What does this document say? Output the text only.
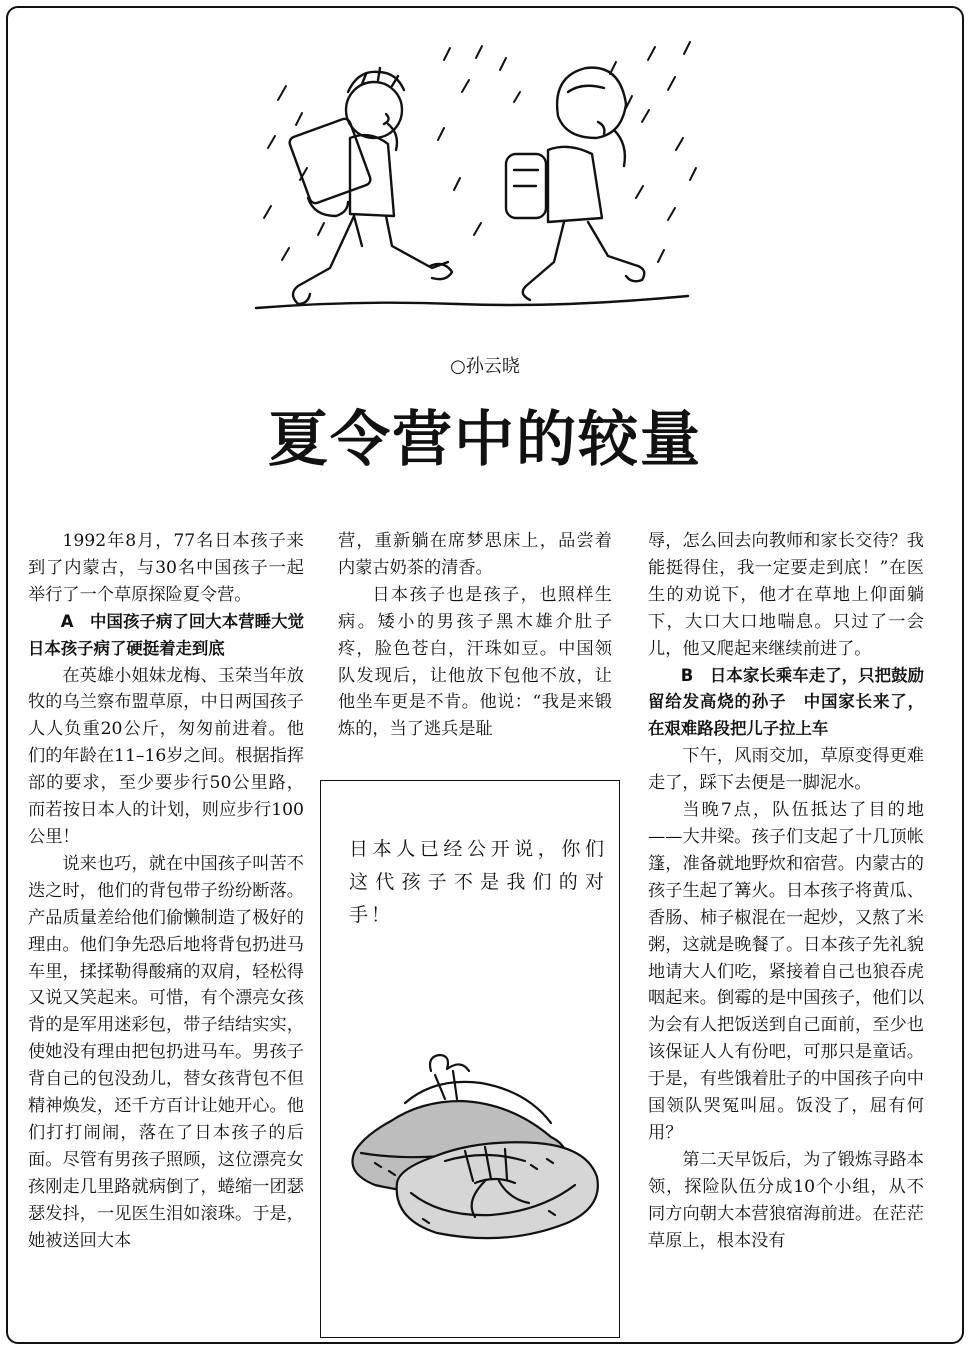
○孙云晓
夏令营中的较量

1992年8月，77名日本孩子来到了内蒙古，与30名中国孩子一起举行了一个草原探险夏令营。

A　中国孩子病了回大本营睡大觉　日本孩子病了硬挺着走到底

在英雄小姐妹龙梅、玉荣当年放牧的乌兰察布盟草原，中日两国孩子人人负重20公斤，匆匆前进着。他们的年龄在11–16岁之间。根据指挥部的要求，至少要步行50公里路，而若按日本人的计划，则应步行100公里！

说来也巧，就在中国孩子叫苦不迭之时，他们的背包带子纷纷断落。产品质量差给他们偷懒制造了极好的理由。他们争先恐后地将背包扔进马车里，揉揉勒得酸痛的双肩，轻松得又说又笑起来。可惜，有个漂亮女孩背的是军用迷彩包，带子结结实实，使她没有理由把包扔进马车。男孩子背自己的包没劲儿，替女孩背包不但精神焕发，还千方百计让她开心。他们打打闹闹，落在了日本孩子的后面。尽管有男孩子照顾，这位漂亮女孩刚走几里路就病倒了，蜷缩一团瑟瑟发抖，一见医生泪如滚珠。于是，她被送回大本

营，重新躺在席梦思床上，品尝着内蒙古奶茶的清香。

日本孩子也是孩子，也照样生病。矮小的男孩子黑木雄介肚子疼，脸色苍白，汗珠如豆。中国领队发现后，让他放下包他不放，让他坐车更是不肯。他说：“我是来锻炼的，当了逃兵是耻

日本人已经公开说，你们这代孩子不是我们的对手！

辱，怎么回去向教师和家长交待？我能挺得住，我一定要走到底！”在医生的劝说下，他才在草地上仰面躺下，大口大口地喘息。只过了一会儿，他又爬起来继续前进了。

B　日本家长乘车走了，只把鼓励留给发高烧的孙子　中国家长来了，在艰难路段把儿子拉上车

下午，风雨交加，草原变得更难走了，踩下去便是一脚泥水。

当晚7点，队伍抵达了目的地——大井梁。孩子们支起了十几顶帐篷，准备就地野炊和宿营。内蒙古的孩子生起了篝火。日本孩子将黄瓜、香肠、柿子椒混在一起炒，又熬了米粥，这就是晚餐了。日本孩子先礼貌地请大人们吃，紧接着自己也狼吞虎咽起来。倒霉的是中国孩子，他们以为会有人把饭送到自己面前，至少也该保证人人有份吧，可那只是童话。于是，有些饿着肚子的中国孩子向中国领队哭冤叫屈。饭没了，屈有何用？

第二天早饭后，为了锻炼寻路本领，探险队伍分成10个小组，从不同方向朝大本营狼宿海前进。在茫茫草原上，根本没有
